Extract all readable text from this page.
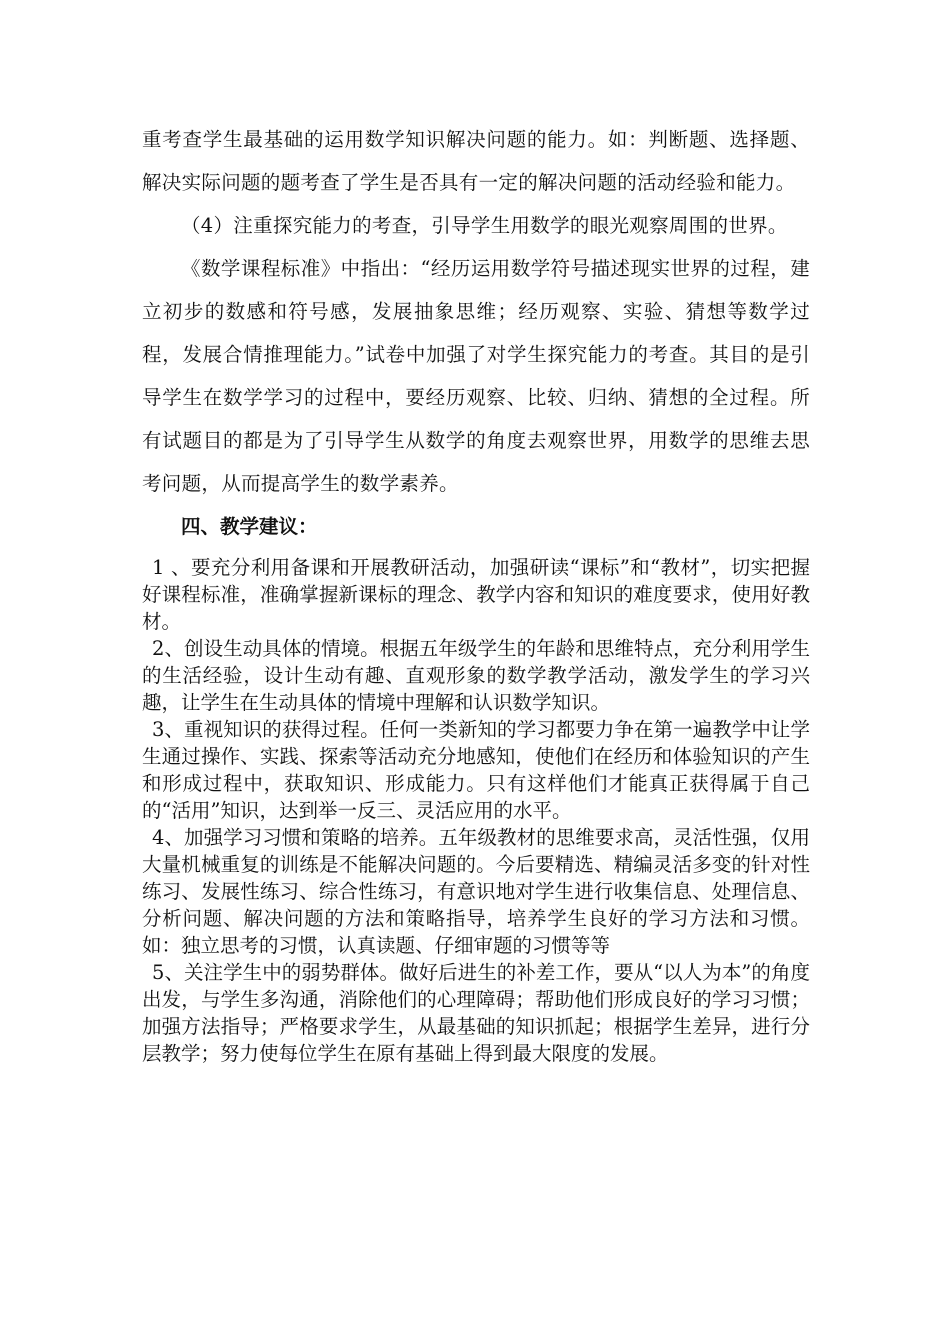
重考查学生最基础的运用数学知识解决问题的能力。如：判断题、选择题、解决实际问题的题考查了学生是否具有一定的解决问题的活动经验和能力。

（4）注重探究能力的考查，引导学生用数学的眼光观察周围的世界。

《数学课程标准》中指出：“经历运用数学符号描述现实世界的过程，建立初步的数感和符号感，发展抽象思维；经历观察、实验、猜想等数学过程，发展合情推理能力。”试卷中加强了对学生探究能力的考查。其目的是引导学生在数学学习的过程中，要经历观察、比较、归纳、猜想的全过程。所有试题目的都是为了引导学生从数学的角度去观察世界，用数学的思维去思考问题，从而提高学生的数学素养。

四、教学建议：

1 、要充分利用备课和开展教研活动，加强研读“课标”和“教材”，切实把握好课程标准，准确掌握新课标的理念、教学内容和知识的难度要求，使用好教材。

2、创设生动具体的情境。根据五年级学生的年龄和思维特点，充分利用学生的生活经验，设计生动有趣、直观形象的数学教学活动，激发学生的学习兴趣，让学生在生动具体的情境中理解和认识数学知识。

3、重视知识的获得过程。任何一类新知的学习都要力争在第一遍教学中让学生通过操作、实践、探索等活动充分地感知，使他们在经历和体验知识的产生和形成过程中，获取知识、形成能力。只有这样他们才能真正获得属于自己的“活用”知识，达到举一反三、灵活应用的水平。

4、加强学习习惯和策略的培养。五年级教材的思维要求高，灵活性强，仅用大量机械重复的训练是不能解决问题的。今后要精选、精编灵活多变的针对性练习、发展性练习、综合性练习，有意识地对学生进行收集信息、处理信息、分析问题、解决问题的方法和策略指导，培养学生良好的学习方法和习惯。如：独立思考的习惯，认真读题、仔细审题的习惯等等

5、关注学生中的弱势群体。做好后进生的补差工作，要从“以人为本”的角度出发，与学生多沟通，消除他们的心理障碍；帮助他们形成良好的学习习惯；加强方法指导；严格要求学生，从最基础的知识抓起；根据学生差异，进行分层教学；努力使每位学生在原有基础上得到最大限度的发展。
